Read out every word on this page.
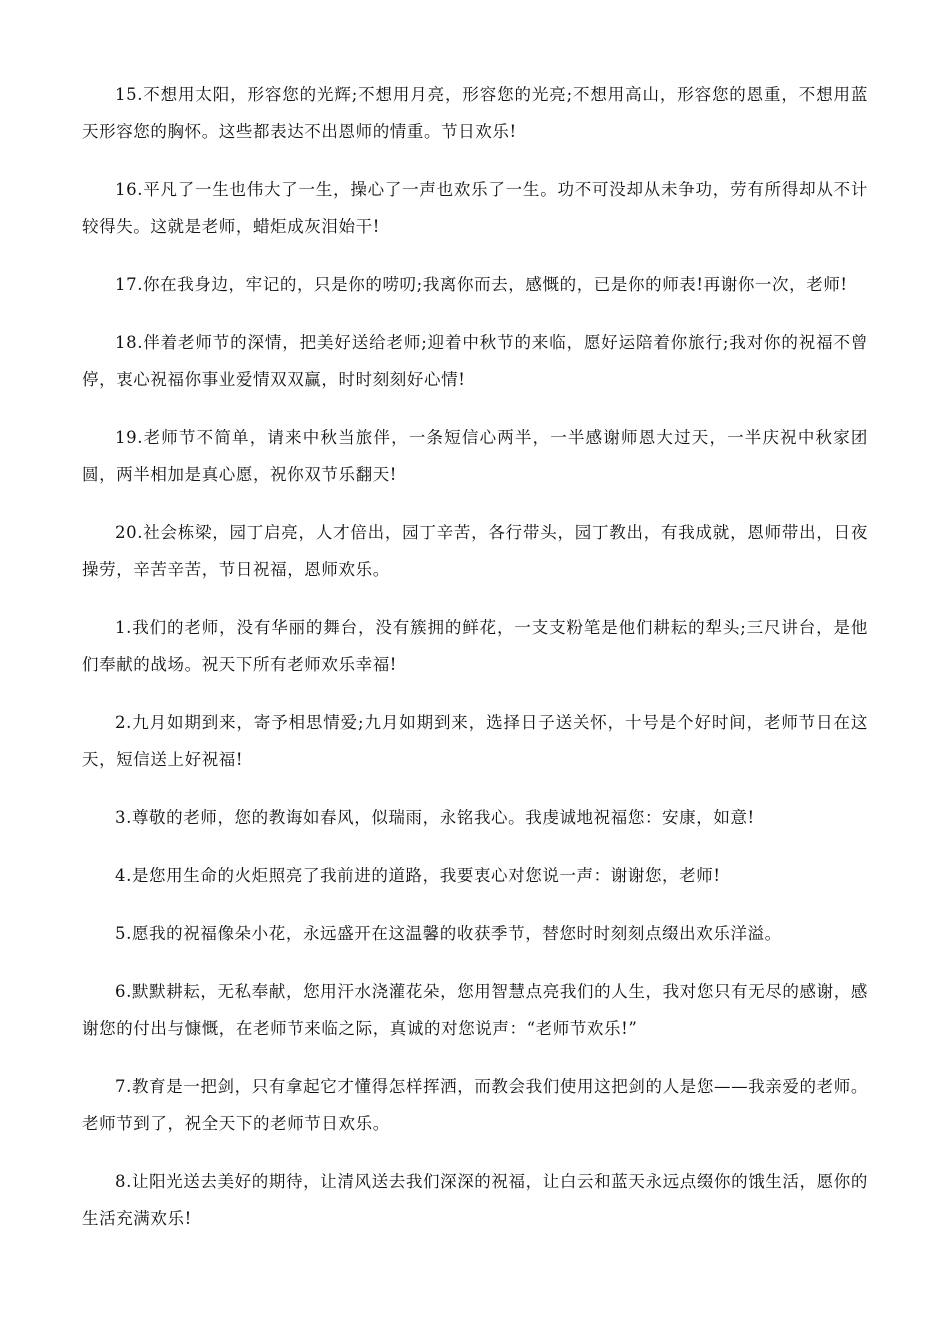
15.不想用太阳，形容您的光辉;不想用月亮，形容您的光亮;不想用高山，形容您的恩重，不想用蓝天形容您的胸怀。这些都表达不出恩师的情重。节日欢乐!

16.平凡了一生也伟大了一生，操心了一声也欢乐了一生。功不可没却从未争功，劳有所得却从不计较得失。这就是老师，蜡炬成灰泪始干!

17.你在我身边，牢记的，只是你的唠叨;我离你而去，感慨的，已是你的师表!再谢你一次，老师!

18.伴着老师节的深情，把美好送给老师;迎着中秋节的来临，愿好运陪着你旅行;我对你的祝福不曾停，衷心祝福你事业爱情双双赢，时时刻刻好心情!

19.老师节不简单，请来中秋当旅伴，一条短信心两半，一半感谢师恩大过天，一半庆祝中秋家团圆，两半相加是真心愿，祝你双节乐翻天!

20.社会栋梁，园丁启亮，人才倍出，园丁辛苦，各行带头，园丁教出，有我成就，恩师带出，日夜操劳，辛苦辛苦，节日祝福，恩师欢乐。

1.我们的老师，没有华丽的舞台，没有簇拥的鲜花，一支支粉笔是他们耕耘的犁头;三尺讲台，是他们奉献的战场。祝天下所有老师欢乐幸福!

2.九月如期到来，寄予相思情爱;九月如期到来，选择日子送关怀，十号是个好时间，老师节日在这天，短信送上好祝福!

3.尊敬的老师，您的教诲如春风，似瑞雨，永铭我心。我虔诚地祝福您：安康，如意!

4.是您用生命的火炬照亮了我前进的道路，我要衷心对您说一声：谢谢您，老师!

5.愿我的祝福像朵小花，永远盛开在这温馨的收获季节，替您时时刻刻点缀出欢乐洋溢。

6.默默耕耘，无私奉献，您用汗水浇灌花朵，您用智慧点亮我们的人生，我对您只有无尽的感谢，感谢您的付出与慷慨，在老师节来临之际，真诚的对您说声：“老师节欢乐!”

7.教育是一把剑，只有拿起它才懂得怎样挥洒，而教会我们使用这把剑的人是您——我亲爱的老师。老师节到了，祝全天下的老师节日欢乐。

8.让阳光送去美好的期待，让清风送去我们深深的祝福，让白云和蓝天永远点缀你的饿生活，愿你的生活充满欢乐!
